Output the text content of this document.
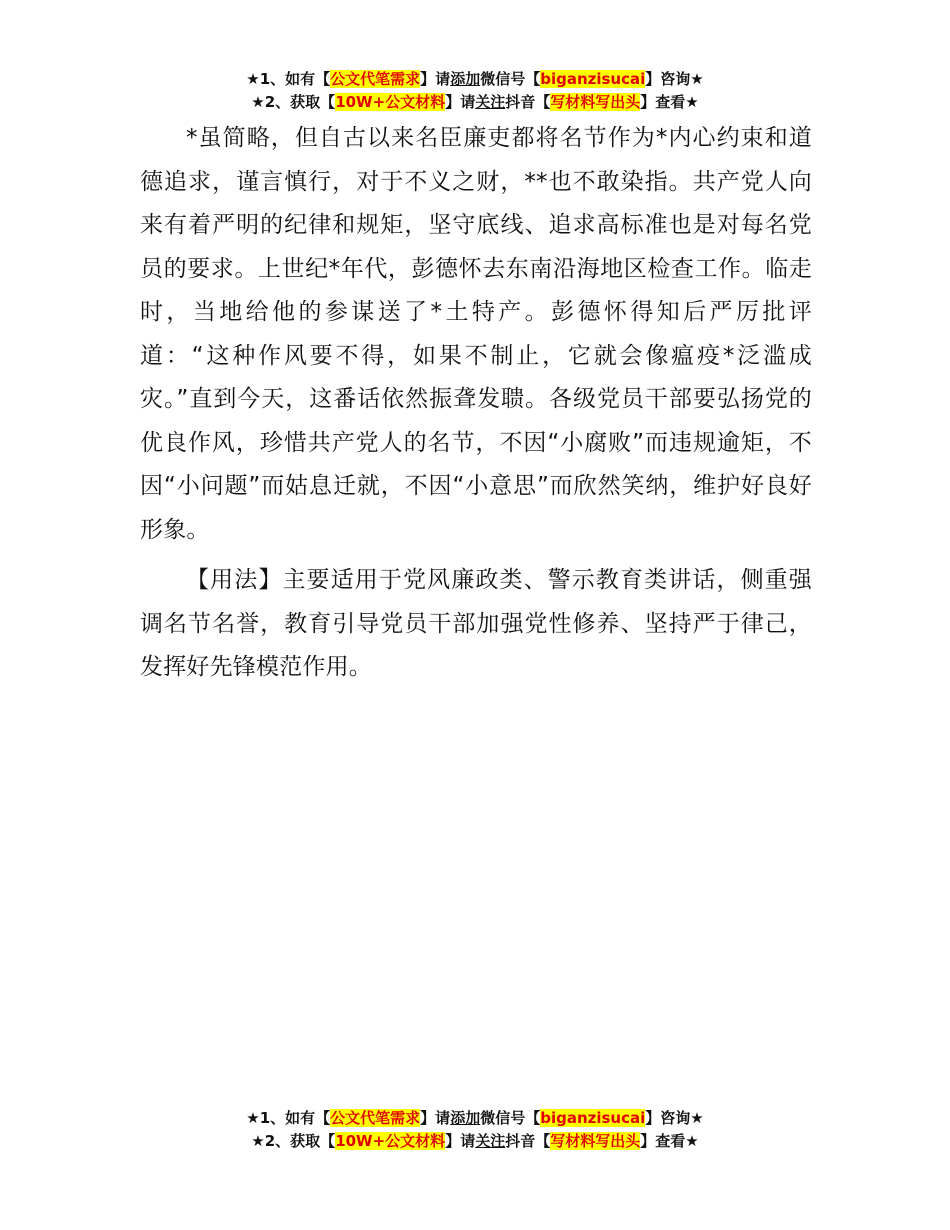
★1、如有【公文代笔需求】请添加微信号【biganzisucai】咨询★
★2、获取【10W+公文材料】请关注抖音【写材料写出头】查看★

*虽简略，但自古以来名臣廉吏都将名节作为*内心约束和道德追求，谨言慎行，对于不义之财，**也不敢染指。共产党人向来有着严明的纪律和规矩，坚守底线、追求高标准也是对每名党员的要求。上世纪*年代，彭德怀去东南沿海地区检查工作。临走时，当地给他的参谋送了*土特产。彭德怀得知后严厉批评道：“这种作风要不得，如果不制止，它就会像瘟疫*泛滥成灾。”直到今天，这番话依然振聋发聩。各级党员干部要弘扬党的优良作风，珍惜共产党人的名节，不因“小腐败”而违规逾矩，不因“小问题”而姑息迁就，不因“小意思”而欣然笑纳，维护好良好形象。

【用法】主要适用于党风廉政类、警示教育类讲话，侧重强调名节名誉，教育引导党员干部加强党性修养、坚持严于律己，发挥好先锋模范作用。

★1、如有【公文代笔需求】请添加微信号【biganzisucai】咨询★
★2、获取【10W+公文材料】请关注抖音【写材料写出头】查看★
